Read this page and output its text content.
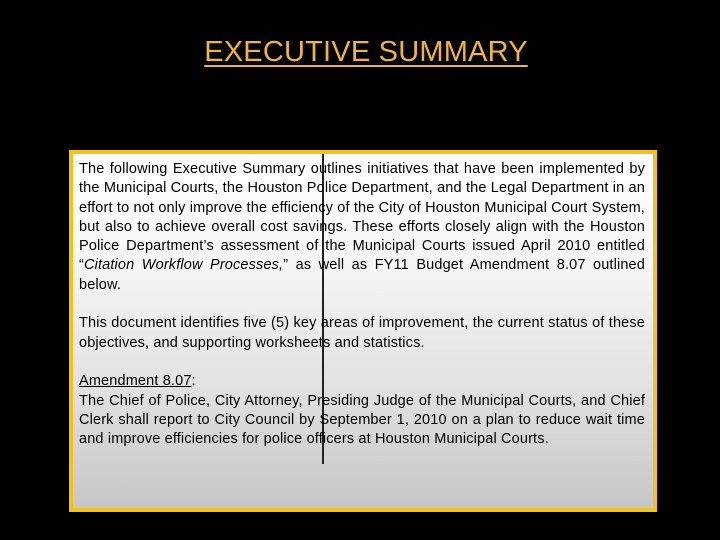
EXECUTIVE SUMMARY

The following Executive Summary outlines initiatives that have been implemented by the Municipal Courts, the Houston Police Department, and the Legal Department in an effort to not only improve the efficiency of the City of Houston Municipal Court System, but also to achieve overall cost savings. These efforts closely align with the Houston Police Department’s assessment of the Municipal Courts issued April 2010 entitled “Citation Workflow Processes,” as well as FY11 Budget Amendment 8.07 outlined below.

This document identifies five (5) key areas of improvement, the current status of these objectives, and supporting worksheets and statistics.

Amendment 8.07:
The Chief of Police, City Attorney, Presiding Judge of the Municipal Courts, and Chief Clerk shall report to City Council by September 1, 2010 on a plan to reduce wait time and improve efficiencies for police officers at Houston Municipal Courts.
